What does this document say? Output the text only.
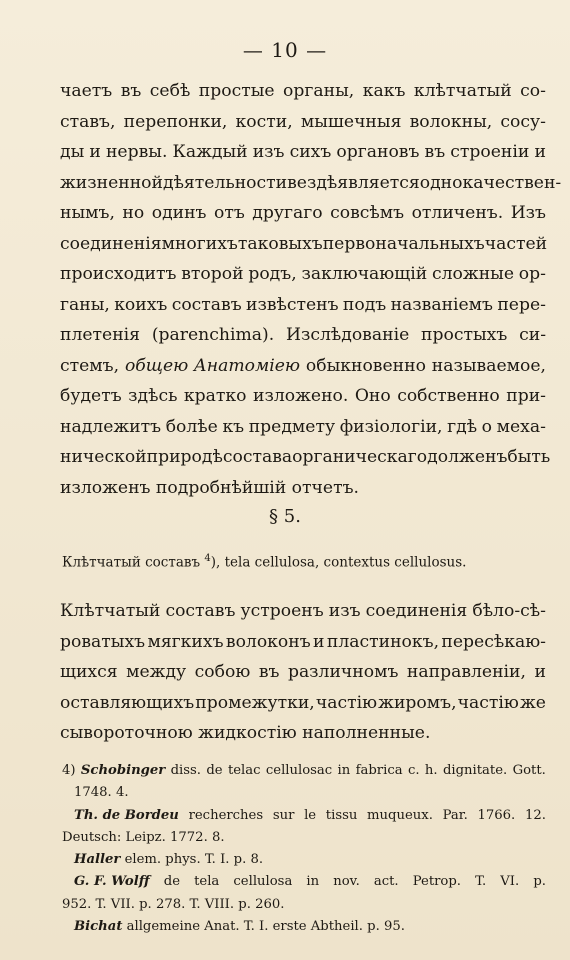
— 10 —
чаетъ въ себѣ простые органы, какъ клѣтчатый со-
ставъ, перепонки, кости, мышечныя волокны, сосу-
ды и нервы. Каждый изъ сихъ органовъ въ строеніи и
жизненной дѣятельности вездѣ является однокачествен-
нымъ, но одинъ отъ другаго совсѣмъ отличенъ. Изъ
соединенія многихъ таковыхъ первоначальныхъ частей
происходитъ второй родъ, заключающій сложные ор-
ганы, коихъ составъ извѣстенъ подъ названіемъ пере-
плетенія (parenchima). Изслѣдованіе простыхъ си-
стемъ, общею Анатоміею обыкновенно называемое,
будетъ здѣсь кратко изложено. Оно собственно при-
надлежитъ болѣе къ предмету физіологіи, гдѣ о меха-
нической природѣ состава органическаго долженъ быть
изложенъ подробнѣйшій отчетъ.
§ 5.
Клѣтчатый составъ $^4$), tela cellulosa, contextus cellulosus.
Клѣтчатый составъ устроенъ изъ соединенія бѣло-сѣ-
роватыхъ мягкихъ волоконъ и пластинокъ, пересѣкаю-
щихся между собою въ различномъ направленіи, и
оставляющихъ промежутки, частію жиромъ, частію же
сывороточною жидкостію наполненные.
4) Schobinger diss. de telac cellulosac in fabrica c. h. dignitate. Gott.
1748. 4.
Th. de Bordeu recherches sur le tissu muqueux. Par. 1766. 12.
Deutsch: Leipz. 1772. 8.
Haller
elem. phys. T. I. p. 8.
G. F. Wolff de tela cellulosa in nov. act. Petrop. T. VI. p.
952. T. VII. p. 278. T. VIII. p. 260.
Bichat
allgemeine Anat. T. I. erste Abtheil. p. 95.
